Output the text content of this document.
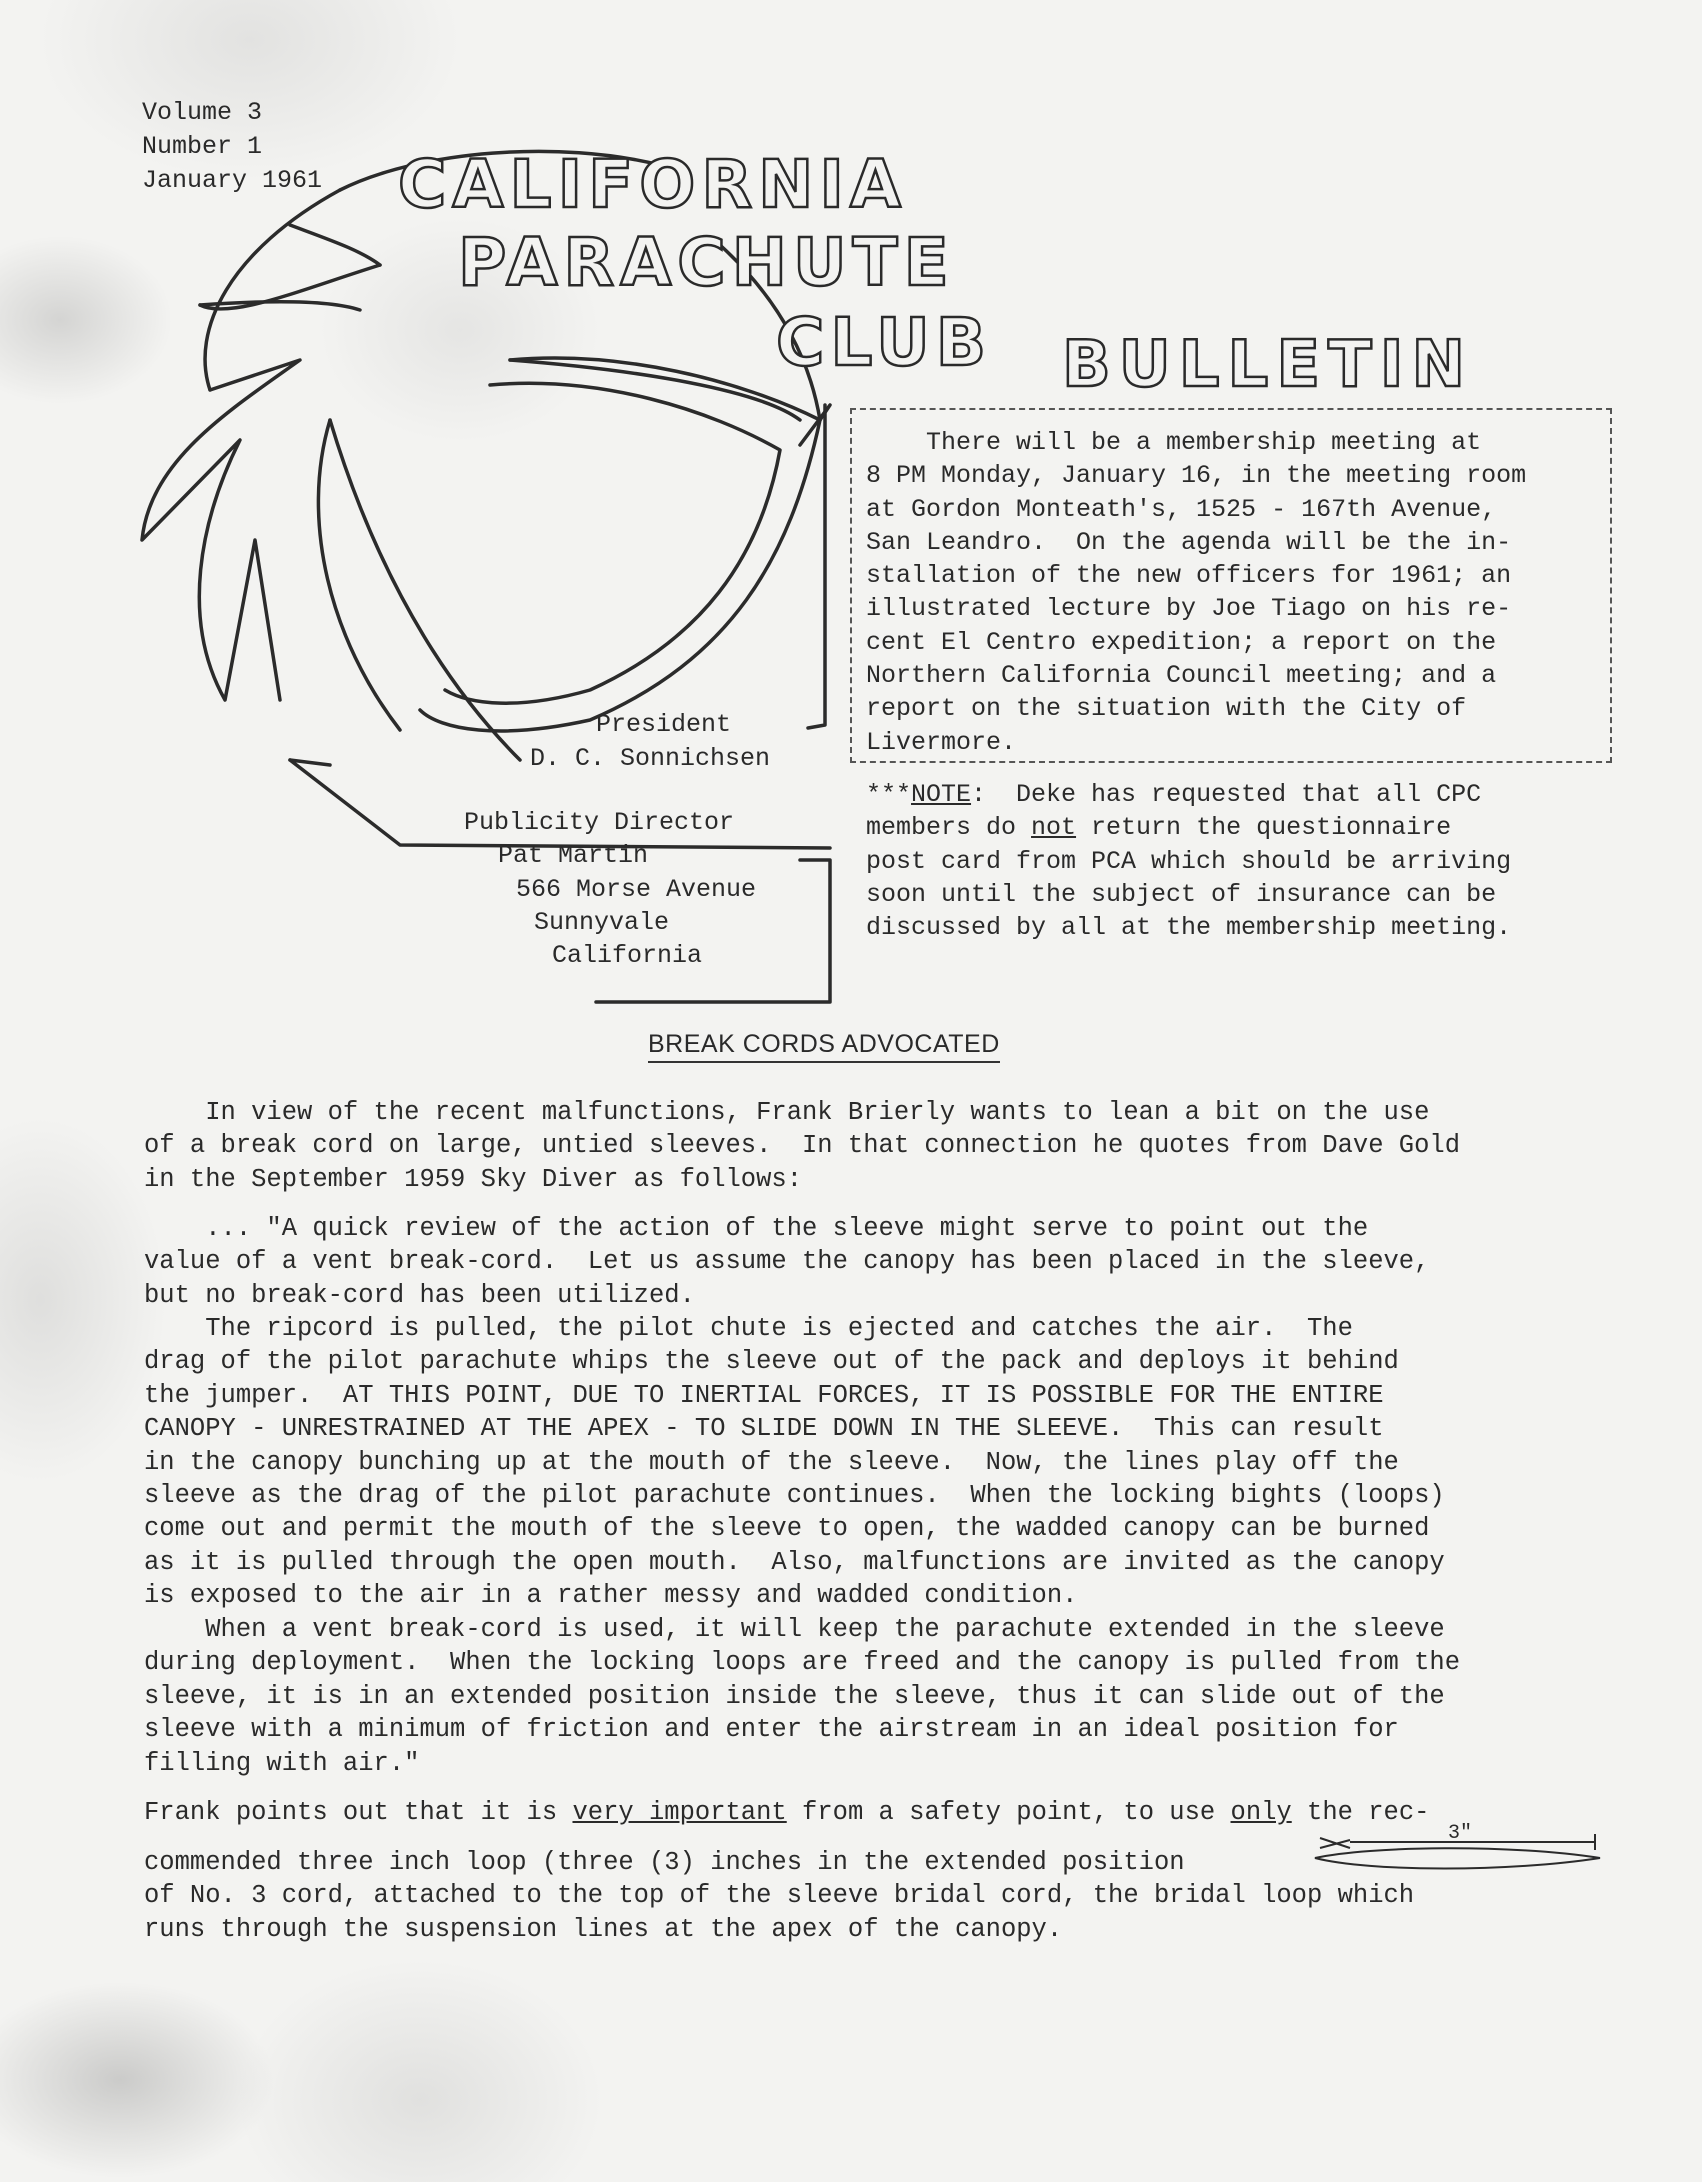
Volume 3
Number 1
January 1961 CALIFORNIA
PARACHUTE
CLUB BULLETIN
There will be a membership meeting at
8 PM Monday, January 16, in the meeting room
at Gordon Monteath's, 1525 - 167th Avenue,
San Leandro.  On the agenda will be the in-
stallation of the new officers for 1961; an
illustrated lecture by Joe Tiago on his re-
cent El Centro expedition; a report on the
Northern California Council meeting; and a
report on the situation with the City of
Livermore.
***NOTE:  Deke has requested that all CPC
members do not return the questionnaire
post card from PCA which should be arriving
soon until the subject of insurance can be
discussed by all at the membership meeting.
President
D. C. Sonnichsen
Publicity Director
Pat Martin
566 Morse Avenue
Sunnyvale
California
BREAK CORDS ADVOCATED
In view of the recent malfunctions, Frank Brierly wants to lean a bit on the use
of a break cord on large, untied sleeves.  In that connection he quotes from Dave Gold
in the September 1959 Sky Diver as follows:
... "A quick review of the action of the sleeve might serve to point out the
value of a vent break-cord.  Let us assume the canopy has been placed in the sleeve,
but no break-cord has been utilized.
The ripcord is pulled, the pilot chute is ejected and catches the air.  The
drag of the pilot parachute whips the sleeve out of the pack and deploys it behind
the jumper.  AT THIS POINT, DUE TO INERTIAL FORCES, IT IS POSSIBLE FOR THE ENTIRE
CANOPY - UNRESTRAINED AT THE APEX - TO SLIDE DOWN IN THE SLEEVE.  This can result
in the canopy bunching up at the mouth of the sleeve.  Now, the lines play off the
sleeve as the drag of the pilot parachute continues.  When the locking bights (loops)
come out and permit the mouth of the sleeve to open, the wadded canopy can be burned
as it is pulled through the open mouth.  Also, malfunctions are invited as the canopy
is exposed to the air in a rather messy and wadded condition.
When a vent break-cord is used, it will keep the parachute extended in the sleeve
during deployment.  When the locking loops are freed and the canopy is pulled from the
sleeve, it is in an extended position inside the sleeve, thus it can slide out of the
sleeve with a minimum of friction and enter the airstream in an ideal position for
filling with air."
Frank points out that it is very important from a safety point, to use only the rec-
commended three inch loop (three (3) inches in the extended position
of No. 3 cord, attached to the top of the sleeve bridal cord, the bridal loop which
runs through the suspension lines at the apex of the canopy.
3"
